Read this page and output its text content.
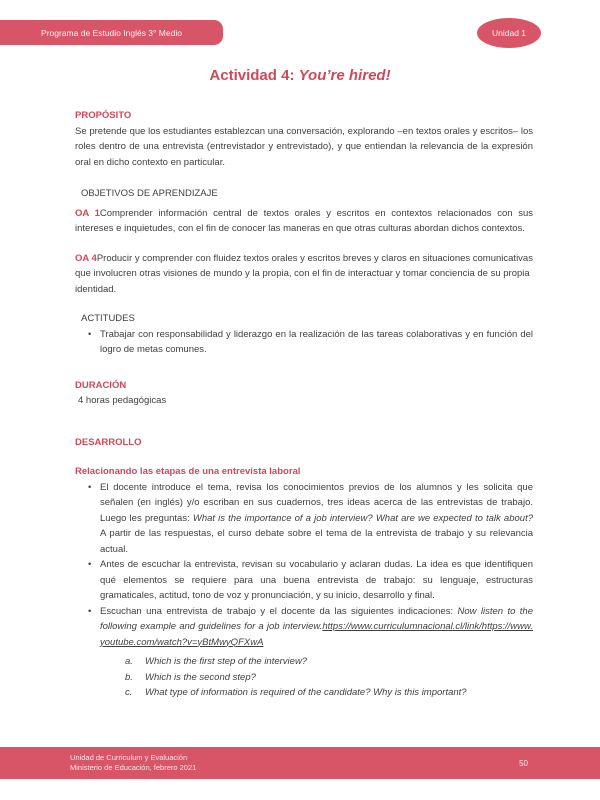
Programa de Estudio Inglés 3° Medio	Unidad 1
Actividad 4: You’re hired!
PROPÓSITO

Se pretende que los estudiantes establezcan una conversación, explorando –en textos orales y escritos– los roles dentro de una entrevista (entrevistador y entrevistado), y que entiendan la relevancia de la expresión oral en dicho contexto en particular.

OBJETIVOS DE APRENDIZAJE

OA 1Comprender información central de textos orales y escritos en contextos relacionados con sus intereses e inquietudes, con el fin de conocer las maneras en que otras culturas abordan dichos contextos.

OA 4Producir y comprender con fluidez textos orales y escritos breves y claros en situaciones comunicativas que involucren otras visiones de mundo y la propia, con el fin de interactuar y tomar conciencia de su propia identidad.

ACTITUDES
• Trabajar con responsabilidad y liderazgo en la realización de las tareas colaborativas y en función del logro de metas comunes.
DURACIÓN
4 horas pedagógicas
DESARROLLO
Relacionando las etapas de una entrevista laboral
• El docente introduce el tema, revisa los conocimientos previos de los alumnos y les solicita que señalen (en inglés) y/o escriban en sus cuadernos, tres ideas acerca de las entrevistas de trabajo. Luego les preguntas: What is the importance of a job interview? What are we expected to talk about? A partir de las respuestas, el curso debate sobre el tema de la entrevista de trabajo y su relevancia actual.
• Antes de escuchar la entrevista, revisan su vocabulario y aclaran dudas. La idea es que identifiquen qué elementos se requiere para una buena entrevista de trabajo: su lenguaje, estructuras gramaticales, actitud, tono de voz y pronunciación, y su inicio, desarrollo y final.
• Escuchan una entrevista de trabajo y el docente da las siguientes indicaciones: Now listen to the following example and guidelines for a job interview.https://www.curriculumnacional.cl/link/https://www.youtube.com/watch?v=yBtMwyQFXwA
a.	Which is the first step of the interview?
b.	Which is the second step?
c.	What type of information is required of the candidate? Why is this important?
Unidad de Curriculum y Evaluación
Ministerio de Educación, febrero 2021	50
